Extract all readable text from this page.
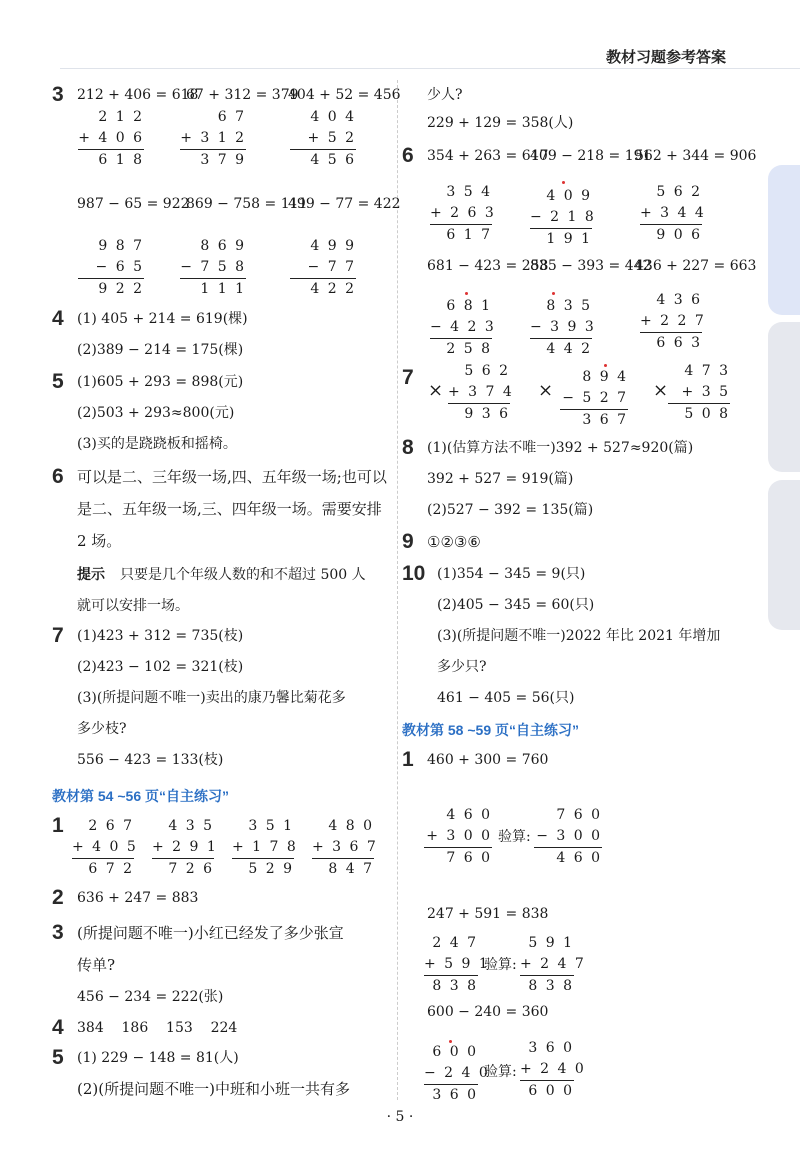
教材习题参考答案
3 212 + 406 = 618
67 + 312 = 379
404 + 52 = 456
2 1 2
+ 4 0 6
6 1 8
6 7
+ 3 1 2
3 7 9
4 0 4
+ 5 2
4 5 6
987 − 65 = 922
869 − 758 = 111
499 − 77 = 422
9 8 7
− 6 5
9 2 2
8 6 9
− 7 5 8
1 1 1
4 9 9
− 7 7
4 2 2
4 (1) 405 + 214 = 619(棵)
(2)389 − 214 = 175(棵)
5 (1)605 + 293 = 898(元)
(2)503 + 293≈800(元)
(3)买的是跷跷板和摇椅。
6 可以是二、三年级一场,四、五年级一场;也可以
是二、五年级一场,三、四年级一场。需要安排
2 场。
提示 只要是几个年级人数的和不超过 500 人
就可以安排一场。
7 (1)423 + 312 = 735(枝)
(2)423 − 102 = 321(枝)
(3)(所提问题不唯一)卖出的康乃馨比菊花多
多少枝?
556 − 423 = 133(枝)
教材第 54 ~56 页“自主练习”
1	2 6 7
+ 4 0 5
6 7 2
4 3 5
+ 2 9 1
7 2 6
3 5 1
+ 1 7 8
5 2 9
4 8 0
+ 3 6 7
8 4 7
2 636 + 247 = 883
3 (所提问题不唯一)小红已经发了多少张宣
传单?
456 − 234 = 222(张)
4 384    186    153    224
5 (1) 229 − 148 = 81(人)
(2)(所提问题不唯一)中班和小班一共有多
少人?
229 + 129 = 358(人)
6 354 + 263 = 617
409 − 218 = 191
562 + 344 = 906
3 5 4
+ 2 6 3
6 1 7
4 0 9
− 2 1 8
1 9 1
5 6 2
+ 3 4 4
9 0 6
681 − 423 = 258
835 − 393 = 442
436 + 227 = 663
6 8 1
− 4 2 3
2 5 8
8 3 5
− 3 9 3
4 4 2
4 3 6
+ 2 2 7
6 6 3
7
×	×	×
5 6 2
+ 3 7 4
9 3 6
8 9 4
− 5 2 7
3 6 7
4 7 3
+ 3 5
5 0 8
8 (1)(估算方法不唯一)392 + 527≈920(篇)
392 + 527 = 919(篇)
(2)527 − 392 = 135(篇)
9 ①②③⑥
10 (1)354 − 345 = 9(只)
(2)405 − 345 = 60(只)
(3)(所提问题不唯一)2022 年比 2021 年增加
多少只?
461 − 405 = 56(只)
教材第 58 ~59 页“自主练习”
1 460 + 300 = 760
4 6 0
+ 3 0 0
7 6 0
验算:
7 6 0
− 3 0 0
4 6 0
247 + 591 = 838
2 4 7
+ 5 9 1
8 3 8
验算:
5 9 1
+ 2 4 7
8 3 8
600 − 240 = 360
6 0 0
− 2 4 0
3 6 0
验算:
3 6 0
+ 2 4 0
6 0 0
· 5 ·
